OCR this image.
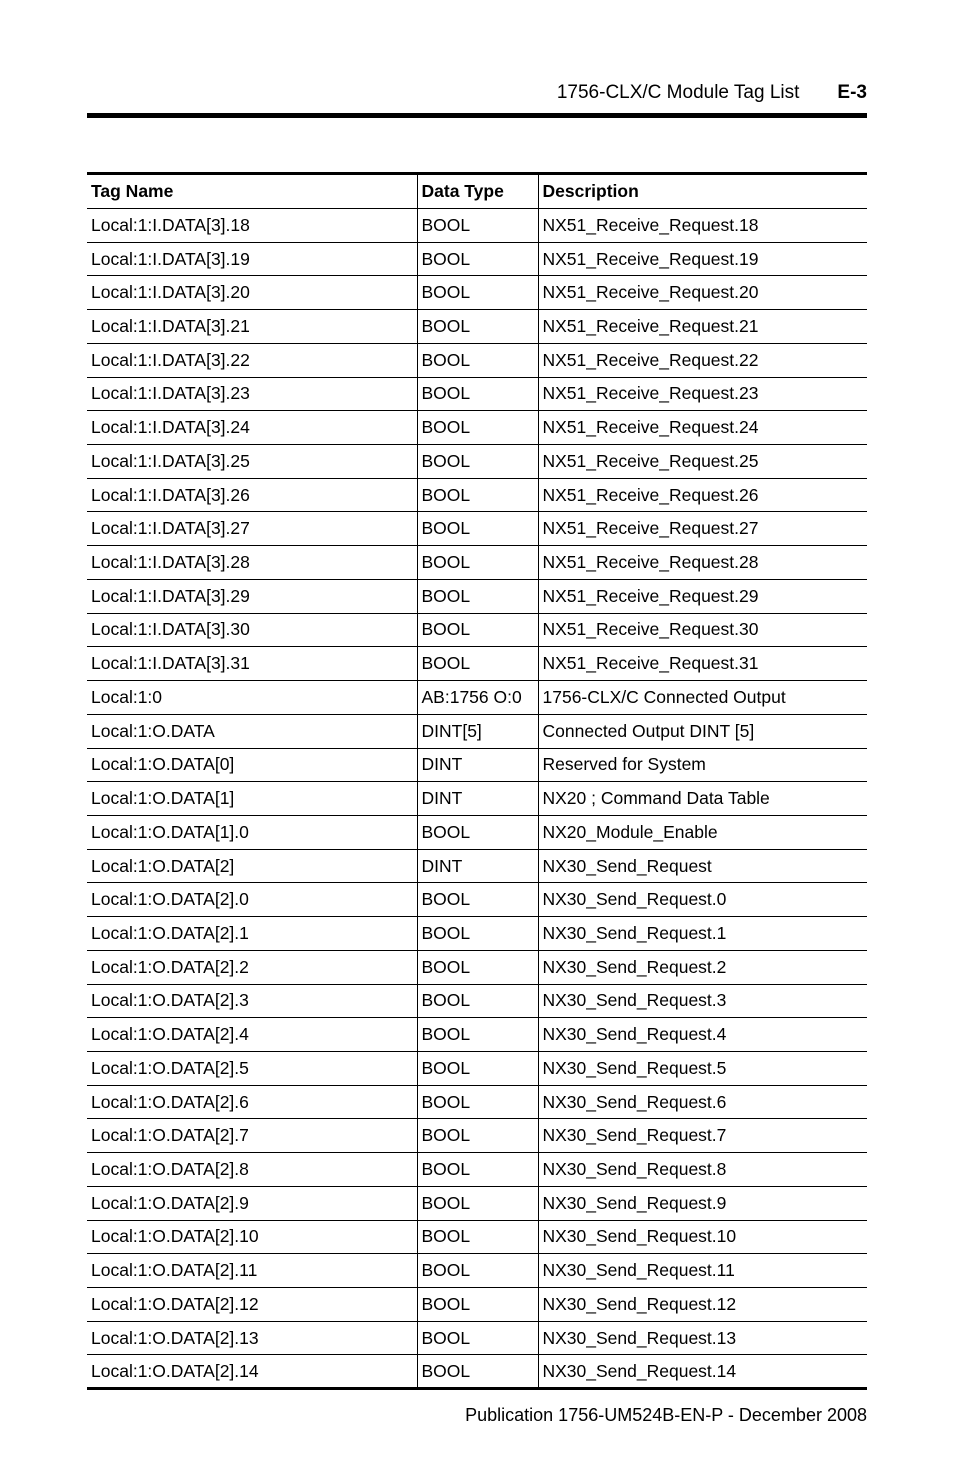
1756-CLX/C Module Tag List E-3
Tag Name	Data Type	Description
Local:1:I.DATA[3].18	BOOL	NX51_Receive_Request.18
Local:1:I.DATA[3].19	BOOL	NX51_Receive_Request.19
Local:1:I.DATA[3].20	BOOL	NX51_Receive_Request.20
Local:1:I.DATA[3].21	BOOL	NX51_Receive_Request.21
Local:1:I.DATA[3].22	BOOL	NX51_Receive_Request.22
Local:1:I.DATA[3].23	BOOL	NX51_Receive_Request.23
Local:1:I.DATA[3].24	BOOL	NX51_Receive_Request.24
Local:1:I.DATA[3].25	BOOL	NX51_Receive_Request.25
Local:1:I.DATA[3].26	BOOL	NX51_Receive_Request.26
Local:1:I.DATA[3].27	BOOL	NX51_Receive_Request.27
Local:1:I.DATA[3].28	BOOL	NX51_Receive_Request.28
Local:1:I.DATA[3].29	BOOL	NX51_Receive_Request.29
Local:1:I.DATA[3].30	BOOL	NX51_Receive_Request.30
Local:1:I.DATA[3].31	BOOL	NX51_Receive_Request.31
Local:1:0	AB:1756 O:0	1756-CLX/C Connected Output
Local:1:O.DATA	DINT[5]	Connected Output DINT [5]
Local:1:O.DATA[0]	DINT	Reserved for System
Local:1:O.DATA[1]	DINT	NX20 ; Command Data Table
Local:1:O.DATA[1].0	BOOL	NX20_Module_Enable
Local:1:O.DATA[2]	DINT	NX30_Send_Request
Local:1:O.DATA[2].0	BOOL	NX30_Send_Request.0
Local:1:O.DATA[2].1	BOOL	NX30_Send_Request.1
Local:1:O.DATA[2].2	BOOL	NX30_Send_Request.2
Local:1:O.DATA[2].3	BOOL	NX30_Send_Request.3
Local:1:O.DATA[2].4	BOOL	NX30_Send_Request.4
Local:1:O.DATA[2].5	BOOL	NX30_Send_Request.5
Local:1:O.DATA[2].6	BOOL	NX30_Send_Request.6
Local:1:O.DATA[2].7	BOOL	NX30_Send_Request.7
Local:1:O.DATA[2].8	BOOL	NX30_Send_Request.8
Local:1:O.DATA[2].9	BOOL	NX30_Send_Request.9
Local:1:O.DATA[2].10	BOOL	NX30_Send_Request.10
Local:1:O.DATA[2].11	BOOL	NX30_Send_Request.11
Local:1:O.DATA[2].12	BOOL	NX30_Send_Request.12
Local:1:O.DATA[2].13	BOOL	NX30_Send_Request.13
Local:1:O.DATA[2].14	BOOL	NX30_Send_Request.14
Publication 1756-UM524B-EN-P - December 2008
